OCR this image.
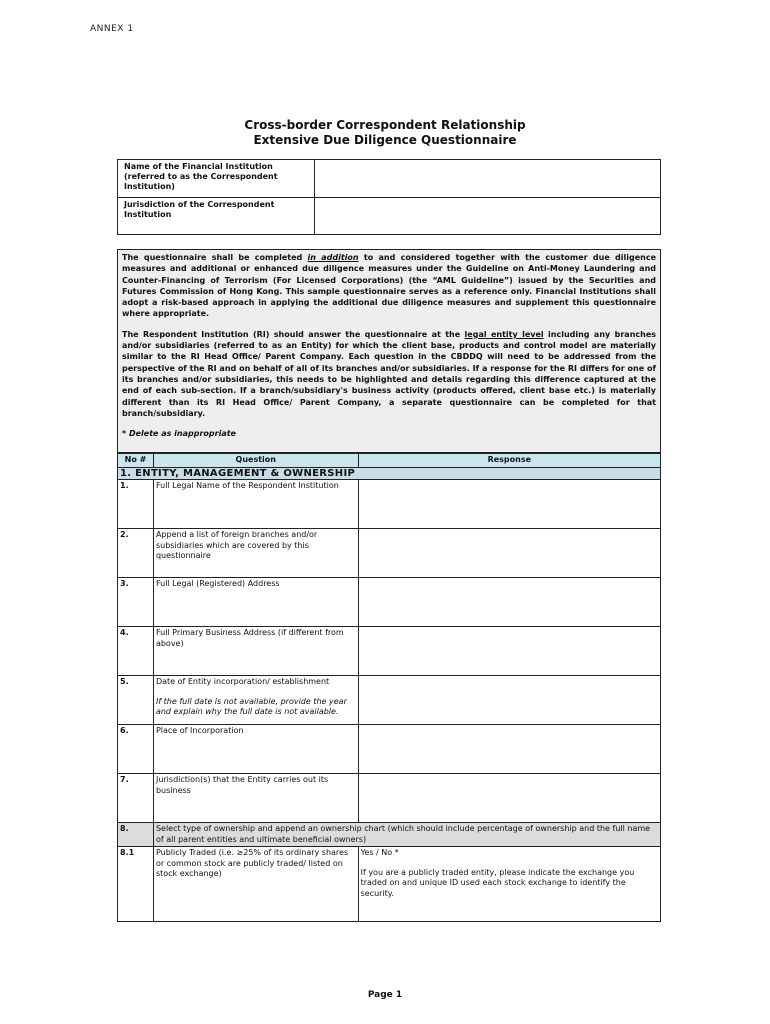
ANNEX 1
Cross-border Correspondent Relationship
Extensive Due Diligence Questionnaire
Name of the Financial Institution (referred to as the Correspondent Institution)	
Jurisdiction of the Correspondent Institution	

The questionnaire shall be completed in addition to and considered together with the customer due diligence measures and additional or enhanced due diligence measures under the Guideline on Anti-Money Laundering and Counter-Financing of Terrorism (For Licensed Corporations) (the “AML Guideline”) issued by the Securities and Futures Commission of Hong Kong. This sample questionnaire serves as a reference only. Financial Institutions shall adopt a risk-based approach in applying the additional due diligence measures and supplement this questionnaire where appropriate.

The Respondent Institution (RI) should answer the questionnaire at the legal entity level including any branches and/or subsidiaries (referred to as an Entity) for which the client base, products and control model are materially similar to the RI Head Office/ Parent Company. Each question in the CBDDQ will need to be addressed from the perspective of the RI and on behalf of all of its branches and/or subsidiaries. If a response for the RI differs for one of its branches and/or subsidiaries, this needs to be highlighted and details regarding this difference captured at the end of each sub-section. If a branch/subsidiary's business activity (products offered, client base etc.) is materially different than its RI Head Office/ Parent Company, a separate questionnaire can be completed for that branch/subsidiary.

* Delete as inappropriate
No #	Question	Response
1. ENTITY, MANAGEMENT & OWNERSHIP		
1.	Full Legal Name of the Respondent Institution	
2.	Append a list of foreign branches and/or subsidiaries which are covered by this questionnaire	
3.	Full Legal (Registered) Address	
4.	Full Primary Business Address (if different from above)	
5.	Date of Entity incorporation/ establishment
If the full date is not available, provide the year and explain why the full date is not available.	

6.	Place of Incorporation	
7.	Jurisdiction(s) that the Entity carries out its business	
8.	Select type of ownership and append an ownership chart (which should include percentage of ownership and the full name of all parent entities and ultimate beneficial owners)	
8.1	Publicly Traded (i.e. ≥25% of its ordinary shares or common stock are publicly traded/ listed on stock exchange)	Yes / No *
If you are a publicly traded entity, please indicate the exchange you traded on and unique ID used each stock exchange to identify the security.
Page 1
